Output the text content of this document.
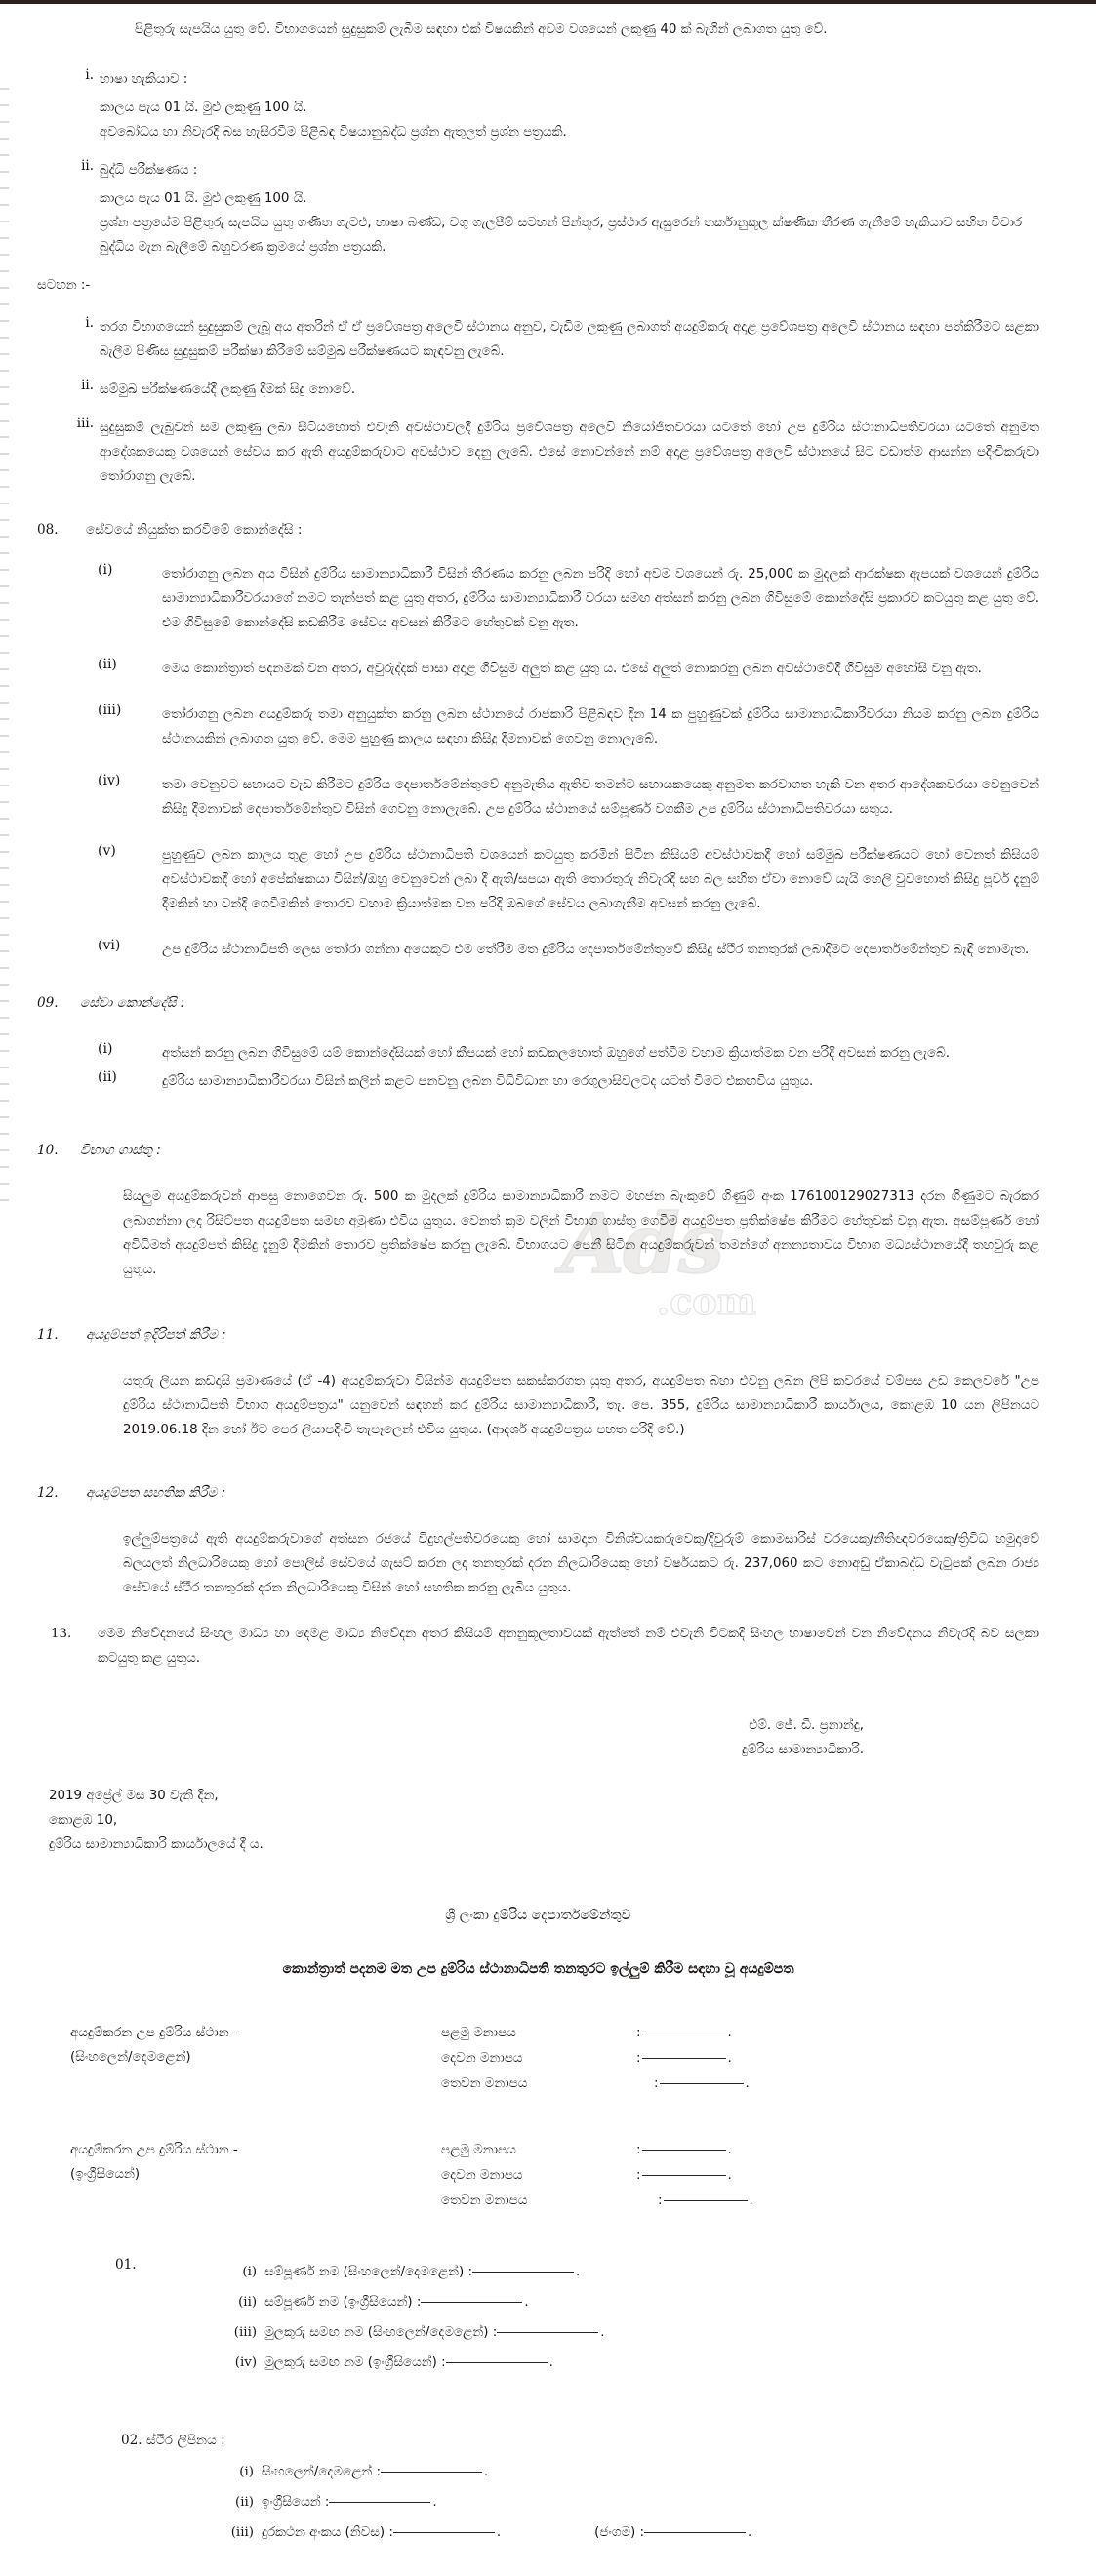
Ads
.com
පිළිතුරු සැපයිය යුතු වේ. විභාගයෙන් සුදුසුකම් ලැබීම සඳහා එක් විෂයකින් අවම වශයෙන් ලකුණු 40 ක් බැගින් ලබාගත යුතු වේ.
i. භාෂා හැකියාව :
කාලය පැය 01 යි. මුළු ලකුණු 100 යි.
අවබෝධය හා නිවැරදි බස හැසිරවීම පිළිබඳ විෂයානුබද්ධ ප්‍රශ්න ඇතුලත් ප්‍රශ්න පත්‍රයකි.
ii. බුද්ධි පරීක්ෂණය :
කාලය පැය 01 යි. මුළු ලකුණු 100 යි.
ප්‍රශ්න පත්‍රයේම පිළිතුරු සැපයිය යුතු ගණිත ගැටළු, භාෂා බණ්ඩ, වගු ගැලපීම් සටහන් පින්තූර, ප්‍රස්ථාර ඇසුරෙන් තර්කානුකූල ක්ෂණික තීරණ ගැනීමේ හැකියාව සහිත විචාර බුද්ධිය මැන බැලීමේ බහුවරණ ක්‍රමයේ ප්‍රශ්න පත්‍රයකි.
සටහන :-
i. තරග විභාගයෙන් සුදුසුකම් ලැබූ අය අතරින් ඒ ඒ ප්‍රවේශපත්‍ර අලෙවි ස්ථානය අනුව, වැඩිම ලකුණු ලබාගත් අයදුම්කරු අදාළ ප්‍රවේශපත්‍ර අලෙවි ස්ථානය සඳහා පත්කිරීමට සළකා බැලීම පිණිස සුදුසුකම් පරීක්ෂා කිරීමේ සම්මුඛ පරීක්ෂණයට කැඳවනු ලැබේ.
ii. සම්මුඛ පරීක්ෂණයේදී ලකුණු දීමක් සිදු නොවේ.
iii. සුදුසුකම් ලැබුවන් සම ලකුණු ලබා සිටියහොත් එවැනි අවස්ථාවලදී දුම්රිය ප්‍රවේශපත්‍ර අලෙවි නියෝජිතවරයා යටතේ හෝ උප දුම්රිය ස්ථානාධිපතිවරයා යටතේ අනුමත ආදේශකයෙකු වශයෙන් සේවය කර ඇති අයදුම්කරුවාට අවස්ථාව දෙනු ලැබේ. එසේ නොවන්නේ නම් අදාළ ප්‍රවේශපත්‍ර අලෙවි ස්ථානයේ සිට වඩාත්ම ආසන්න පදිංචිකරුවා තෝරාගනු ලැබේ.
08. සේවයේ නියුක්ත කරවීමේ කොන්දේසි :
(i)	තෝරාගනු ලබන අය විසින් දුම්රිය සාමාන්‍යාධිකාරී විසින් තීරණය කරනු ලබන පරිදි හෝ අවම වශයෙන් රු. 25,000 ක මුදලක් ආරක්ෂක ඇපයක් වශයෙන් දුම්රිය සාමාන්‍යාධිකාරීවරයාගේ නමට තැන්පත් කළ යුතු අතර, දුම්රිය සාමාන්‍යාධිකාරී වරයා සමඟ අත්සන් කරනු ලබන ගිවිසුමේ කොන්දේසි ප්‍රකාරව කටයුතු කළ යුතු වේ. එම ගිවිසුමේ කොන්දේසි කඩකිරීම සේවය අවසන් කිරීමට හේතුවක් වනු ඇත.
(ii)	මෙය කොන්ත්‍රාත් පදනමක් වන අතර, අවුරුද්දක් පාසා අදාළ ගිවිසුම අලුත් කළ යුතු ය. එසේ අලුත් නොකරනු ලබන අවස්ථාවේදී ගිවිසුම අහෝසි වනු ඇත.
(iii)	තෝරාගනු ලබන අයදුම්කරු තමා අනුයුක්ත කරනු ලබන ස්ථානයේ රාජකාරි පිළිබඳව දින 14 ක පුහුණුවක් දුම්රිය සාමාන්‍යාධිකාරීවරයා නියම කරනු ලබන දුම්රිය ස්ථානයකින් ලබාගත යුතු වේ. මෙම පුහුණු කාලය සඳහා කිසිදු දීමනාවක් ගෙවනු නොලැබේ.
(iv)	තමා වෙනුවට සහායට වැඩ කිරීමට දුම්රිය දෙපාර්තමේන්තුවේ අනුමැතිය ඇතිව තමන්ට සහායකයෙකු අනුමත කරවාගත හැකි වන අතර ආදේශකවරයා වෙනුවෙන් කිසිදු දීමනාවක් දෙපාර්තමේන්තුව විසින් ගෙවනු නොලැබේ. උප දුම්රිය ස්ථානයේ සම්පූර්ණ වගකීම උප දුම්රිය ස්ථානාධිපතිවරයා සතුය.
(v)	පුහුණුව ලබන කාලය තුළ හෝ උප දුම්රිය ස්ථානාධිපති වශයෙන් කටයුතු කරමින් සිටින කිසියම් අවස්ථාවකදී හෝ සම්මුඛ පරීක්ෂණයට හෝ වෙනත් කිසියම් අවස්ථාවකදී හෝ අපේක්ෂකයා විසින්/ඔහු වෙනුවෙන් ලබා දී ඇති/සපයා ඇති තොරතුරු නිවැරදි සහ බල සහිත ඒවා නොවේ යැයි හෙලි වුවහොත් කිසිදු පූර්ව දැනුම් දීමකින් හා වන්දි ගෙවීමකින් තොරව වහාම ක්‍රියාත්මක වන පරිදි ඔබගේ සේවය ලබාගැනීම අවසන් කරනු ලැබේ.
(vi)	උප දුම්රිය ස්ථානාධිපති ලෙස තෝරා ගන්නා අයෙකුට එම තේරීම මත දුම්රිය දෙපාර්තමේන්තුවේ කිසිදු ස්ථීර තනතුරක් ලබාදීමට දෙපාර්තමේන්තුව බැඳී නොමැත.
09. සේවා කොන්දේසි :
(i)	අත්සන් කරනු ලබන ගිවිසුමේ යම් කොන්දේසියක් හෝ කීපයක් හෝ කඩකලහොත් ඔහුගේ පත්වීම වහාම ක්‍රියාත්මක වන පරිදි අවසන් කරනු ලැබේ.
(ii)	දුම්රිය සාමාන්‍යාධිකාරීවරයා විසින් කලින් කළට පනවනු ලබන විධිවිධාන හා රෙගුලාසිවලටද යටත් වීමට එකඟවිය යුතුය.
10. විභාග ගාස්තු :
සියලුම අයදුම්කරුවන් ආපසු නොගෙවන රු. 500 ක මුදලක් දුම්රිය සාමාන්‍යාධිකාරී නමට මහජන බැංකුවේ ගිණුම් අංක 176100129027313 දරන ගිණුමට බැරකර ලබාගන්නා ලද රිසිට්පත අයදුම්පත සමඟ අමුණා එවිය යුතුය. වෙනත් ක්‍රම වලින් විභාග ගාස්තු ගෙවීම අයදුම්පත ප්‍රතික්ෂේප කිරීමට හේතුවක් වනු ඇත. අසම්පූර්ණ හෝ අවිධිමත් අයදුම්පත් කිසිදු දැනුම් දීමකින් තොරව ප්‍රතික්ෂේප කරනු ලැබේ. විභාගයට පෙනී සිටින අයදුම්කරුවන් තමන්ගේ අනන්‍යතාවය විභාග මධ්‍යස්ථානයේදී තහවුරු කළ යුතුය.
11. අයදුම්පත් ඉදිරිපත් කිරීම :
යතුරු ලියන කඩදාසි ප්‍රමාණයේ (ඒ -4) අයදුම්කරුවා විසින්ම අයදුම්පත සකස්කරගත යුතු අතර, අයදුම්පත බහා එවනු ලබන ලිපි කවරයේ වම්පස උඩ කෙලවරේ "උප දුම්රිය ස්ථානාධිපති විභාග අයදුම්පත්‍රය" යනුවෙන් සඳහන් කර දුම්රිය සාමාන්‍යාධිකාරී, තැ. පෙ. 355, දුම්රිය සාමාන්‍යාධිකාරී කාර්යාලය, කොළඹ 10 යන ලිපිනයට 2019.06.18 දින හෝ ඊට පෙර ලියාපදිංචි තැපෑලෙන් එවිය යුතුය. (ආදර්ශ අයදුම්පත්‍රය පහත පරිදි වේ.)
12. අයදුම්පත සහතික කිරීම :
ඉල්ලුම්පත්‍රයේ ඇති අයදුම්කරුවාගේ අත්සන රජයේ විදුහල්පතිවරයෙකු හෝ සාමදාන විනිශ්චයකරුවෙකු/දිවුරුම් කොමසාරිස් වරයෙකු/නීතිඥවරයෙකු/ත්‍රිවිධ හමුදාවේ බලයලත් නිලධාරියෙකු හෝ පොලිස් සේවයේ ගැසට් කරන ලද තනතුරක් දරන නිලධාරියෙකු හෝ වර්ෂයකට රු. 237,060 කට නොඅඩු ඒකාබද්ධ වැටුපක් ලබන රාජ්‍ය සේවයේ ස්ථීර තනතුරක් දරන නිලධාරියෙකු විසින් හෝ සහතික කරනු ලැබිය යුතුය.
13. මෙම නිවේදනයේ සිංහල මාධ්‍ය හා දෙමළ මාධ්‍ය නිවේදන අතර කිසියම් අනනුකූලතාවයක් ඇත්තේ නම් එවැනි විටකදී සිංහල භාෂාවෙන් වන නිවේදනය නිවැරදි බව සලකා කටයුතු කළ යුතුය.
එම්. ජේ. ඩී. ප්‍රනාන්දු,
දුම්රිය සාමාන්‍යාධිකාරි.
2019 අප්‍රේල් මස 30 වැනි දින,
කොළඹ 10,
දුම්රිය සාමාන්‍යාධිකාරි කාර්යාලයේ දී ය.
ශ්‍රී ලංකා දුම්රිය දෙපාර්තමේන්තුව
කොන්ත්‍රාත් පදනම මත උප දුම්රිය ස්ථානාධිපති තනතුරට ඉල්ලුම් කිරීම සඳහා වූ අයදුම්පත
අයදුම්කරන උප දුම්රිය ස්ථාන -
(සිංහලෙන්/දෙමළෙන්)
පළමු මනාපය	:	.
දෙවන මනාපය	:	.
තෙවන මනාපය	:	.
අයදුම්කරන උප දුම්රිය ස්ථාන -
(ඉංග්‍රීසියෙන්)
පළමු මනාපය	:	.
දෙවන මනාපය	:	.
තෙවන මනාපය	:	.
01.	(i) සම්පූර්ණ නම (සිංහලෙන්/දෙමළෙන්) :	.
(ii) සම්පූර්ණ නම (ඉංග්‍රීසියෙන්) :	.
(iii) මුලකුරු සමඟ නම (සිංහලෙන්/දෙමළෙන්) :	.
(iv) මුලකුරු සමඟ නම (ඉංග්‍රීසියෙන්) :	.
02. ස්ථීර ලිපිනය :
(i) සිංහලෙන්/දෙමළෙන් :	.
(ii) ඉංග්‍රීසියෙන් :	.
(iii) දුරකථන අංකය (නිවස) :	.	(ජංගම) :	.
